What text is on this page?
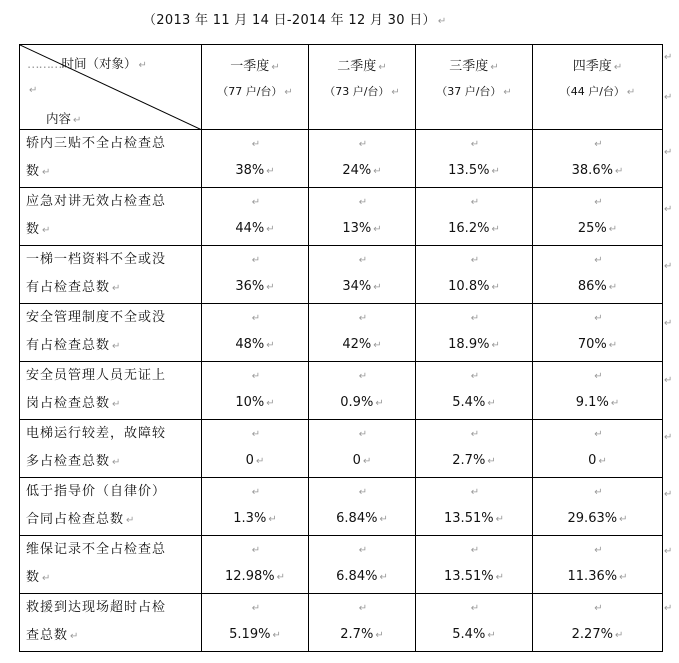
（2013 年 11 月 14 日-2014 年 12 月 30 日） ↵
………时间（对象） ↵
↵
内容 ↵	一季度 ↵
（77 户/台） ↵	二季度 ↵
（73 户/台） ↵	三季度 ↵
（37 户/台） ↵	四季度 ↵
（44 户/台） ↵

轿内三贴不全占检查总
数 ↵	↵
38% ↵	↵
24% ↵	↵
13.5% ↵	↵
38.6% ↵

应急对讲无效占检查总
数 ↵	↵
44% ↵	↵
13% ↵	↵
16.2% ↵	↵
25% ↵

一梯一档资料不全或没
有占检查总数 ↵	↵
36% ↵	↵
34% ↵	↵
10.8% ↵	↵
86% ↵

安全管理制度不全或没
有占检查总数 ↵	↵
48% ↵	↵
42% ↵	↵
18.9% ↵	↵
70% ↵

安全员管理人员无证上
岗占检查总数 ↵	↵
10% ↵	↵
0.9% ↵	↵
5.4% ↵	↵
9.1% ↵

电梯运行较差，故障较
多占检查总数 ↵	↵
0 ↵	↵
0 ↵	↵
2.7% ↵	↵
0 ↵

低于指导价（自律价）
合同占检查总数 ↵	↵
1.3% ↵	↵
6.84% ↵	↵
13.51% ↵	↵
29.63% ↵

维保记录不全占检查总
数 ↵	↵
12.98% ↵	↵
6.84% ↵	↵
13.51% ↵	↵
11.36% ↵

救援到达现场超时占检
查总数 ↵	↵
5.19% ↵	↵
2.7% ↵	↵
5.4% ↵	↵
2.27% ↵
↵
↵
↵
↵
↵
↵
↵
↵
↵
↵
↵
